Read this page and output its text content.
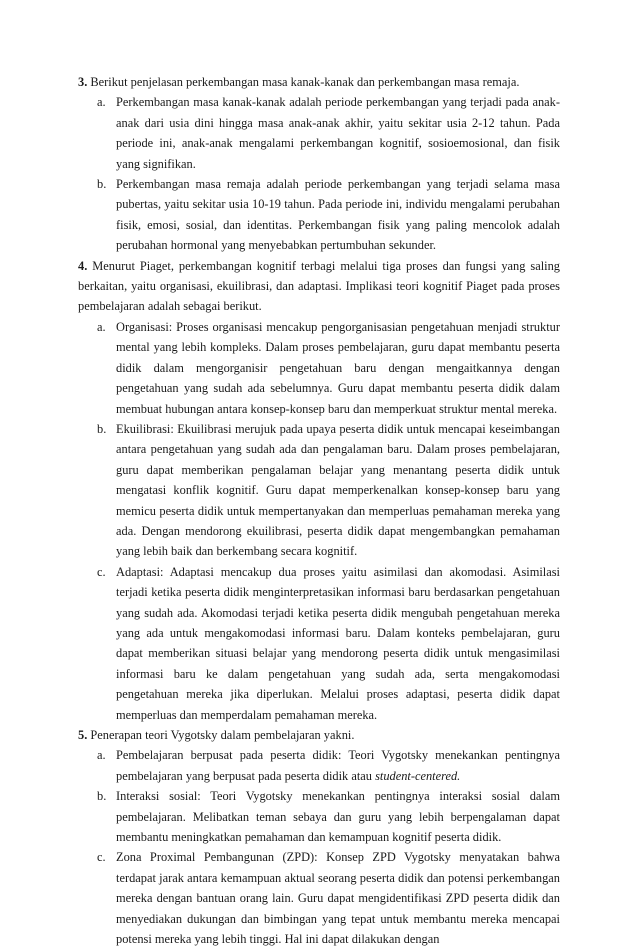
3. Berikut penjelasan perkembangan masa kanak-kanak dan perkembangan masa remaja.

a. Perkembangan masa kanak-kanak adalah periode perkembangan yang terjadi pada anak-anak dari usia dini hingga masa anak-anak akhir, yaitu sekitar usia 2-12 tahun. Pada periode ini, anak-anak mengalami perkembangan kognitif, sosioemosional, dan fisik yang signifikan.
b. Perkembangan masa remaja adalah periode perkembangan yang terjadi selama masa pubertas, yaitu sekitar usia 10-19 tahun. Pada periode ini, individu mengalami perubahan fisik, emosi, sosial, dan identitas. Perkembangan fisik yang paling mencolok adalah perubahan hormonal yang menyebabkan pertumbuhan sekunder.

4. Menurut Piaget, perkembangan kognitif terbagi melalui tiga proses dan fungsi yang saling berkaitan, yaitu organisasi, ekuilibrasi, dan adaptasi. Implikasi teori kognitif Piaget pada proses pembelajaran adalah sebagai berikut.

a. Organisasi: Proses organisasi mencakup pengorganisasian pengetahuan menjadi struktur mental yang lebih kompleks. Dalam proses pembelajaran, guru dapat membantu peserta didik dalam mengorganisir pengetahuan baru dengan mengaitkannya dengan pengetahuan yang sudah ada sebelumnya. Guru dapat membantu peserta didik dalam membuat hubungan antara konsep-konsep baru dan memperkuat struktur mental mereka.
b. Ekuilibrasi: Ekuilibrasi merujuk pada upaya peserta didik untuk mencapai keseimbangan antara pengetahuan yang sudah ada dan pengalaman baru. Dalam proses pembelajaran, guru dapat memberikan pengalaman belajar yang menantang peserta didik untuk mengatasi konflik kognitif. Guru dapat memperkenalkan konsep-konsep baru yang memicu peserta didik untuk mempertanyakan dan memperluas pemahaman mereka yang ada. Dengan mendorong ekuilibrasi, peserta didik dapat mengembangkan pemahaman yang lebih baik dan berkembang secara kognitif.
c. Adaptasi: Adaptasi mencakup dua proses yaitu asimilasi dan akomodasi. Asimilasi terjadi ketika peserta didik menginterpretasikan informasi baru berdasarkan pengetahuan yang sudah ada. Akomodasi terjadi ketika peserta didik mengubah pengetahuan mereka yang ada untuk mengakomodasi informasi baru. Dalam konteks pembelajaran, guru dapat memberikan situasi belajar yang mendorong peserta didik untuk mengasimilasi informasi baru ke dalam pengetahuan yang sudah ada, serta mengakomodasi pengetahuan mereka jika diperlukan. Melalui proses adaptasi, peserta didik dapat memperluas dan memperdalam pemahaman mereka.

5. Penerapan teori Vygotsky dalam pembelajaran yakni.

a. Pembelajaran berpusat pada peserta didik: Teori Vygotsky menekankan pentingnya pembelajaran yang berpusat pada peserta didik atau student-centered.
b. Interaksi sosial: Teori Vygotsky menekankan pentingnya interaksi sosial dalam pembelajaran. Melibatkan teman sebaya dan guru yang lebih berpengalaman dapat membantu meningkatkan pemahaman dan kemampuan kognitif peserta didik.
c. Zona Proximal Pembangunan (ZPD): Konsep ZPD Vygotsky menyatakan bahwa terdapat jarak antara kemampuan aktual seorang peserta didik dan potensi perkembangan mereka dengan bantuan orang lain. Guru dapat mengidentifikasi ZPD peserta didik dan menyediakan dukungan dan bimbingan yang tepat untuk membantu mereka mencapai potensi mereka yang lebih tinggi. Hal ini dapat dilakukan dengan
